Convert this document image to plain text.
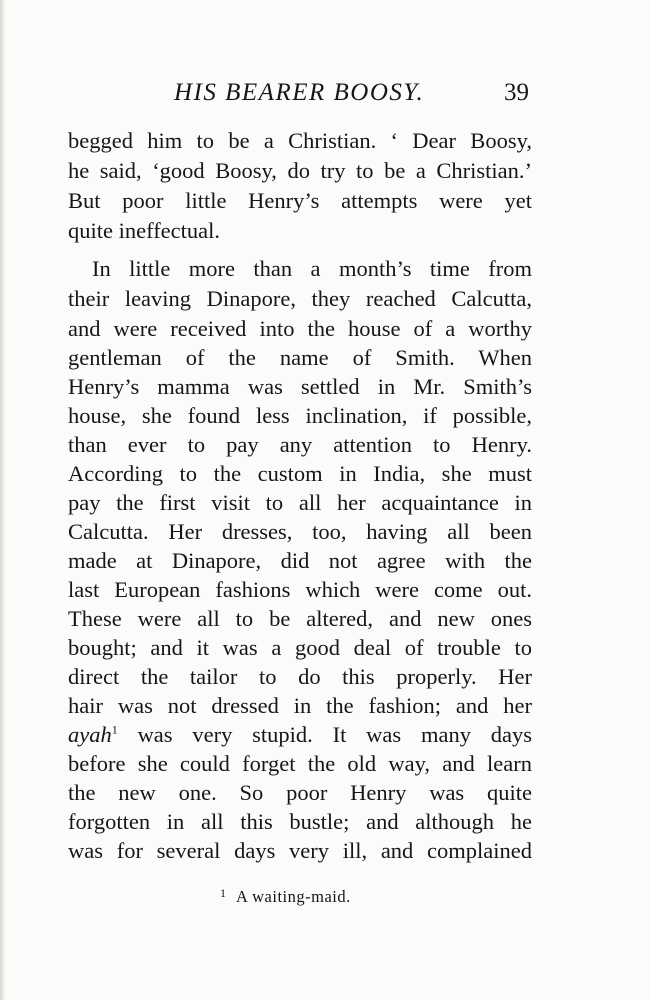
HIS BEARER BOOSY.	39
begged him to be a Christian. ‘ Dear Boosy,
he said, ‘good Boosy, do try to be a Christian.’
But poor little Henry’s attempts were yet
quite ineffectual.
In little more than a month’s time from
their leaving Dinapore, they reached Calcutta,
and were received into the house of a worthy
gentleman of the name of Smith. When
Henry’s mamma was settled in Mr. Smith’s
house, she found less inclination, if possible,
than ever to pay any attention to Henry.
According to the custom in India, she must
pay the first visit to all her acquaintance in
Calcutta. Her dresses, too, having all been
made at Dinapore, did not agree with the
last European fashions which were come out.
These were all to be altered, and new ones
bought; and it was a good deal of trouble to
direct the tailor to do this properly. Her
hair was not dressed in the fashion; and her
ayah$^1$ was very stupid. It was many days
before she could forget the old way, and learn
the new one. So poor Henry was quite
forgotten in all this bustle; and although he
was for several days very ill, and complained
1 A waiting-maid.
